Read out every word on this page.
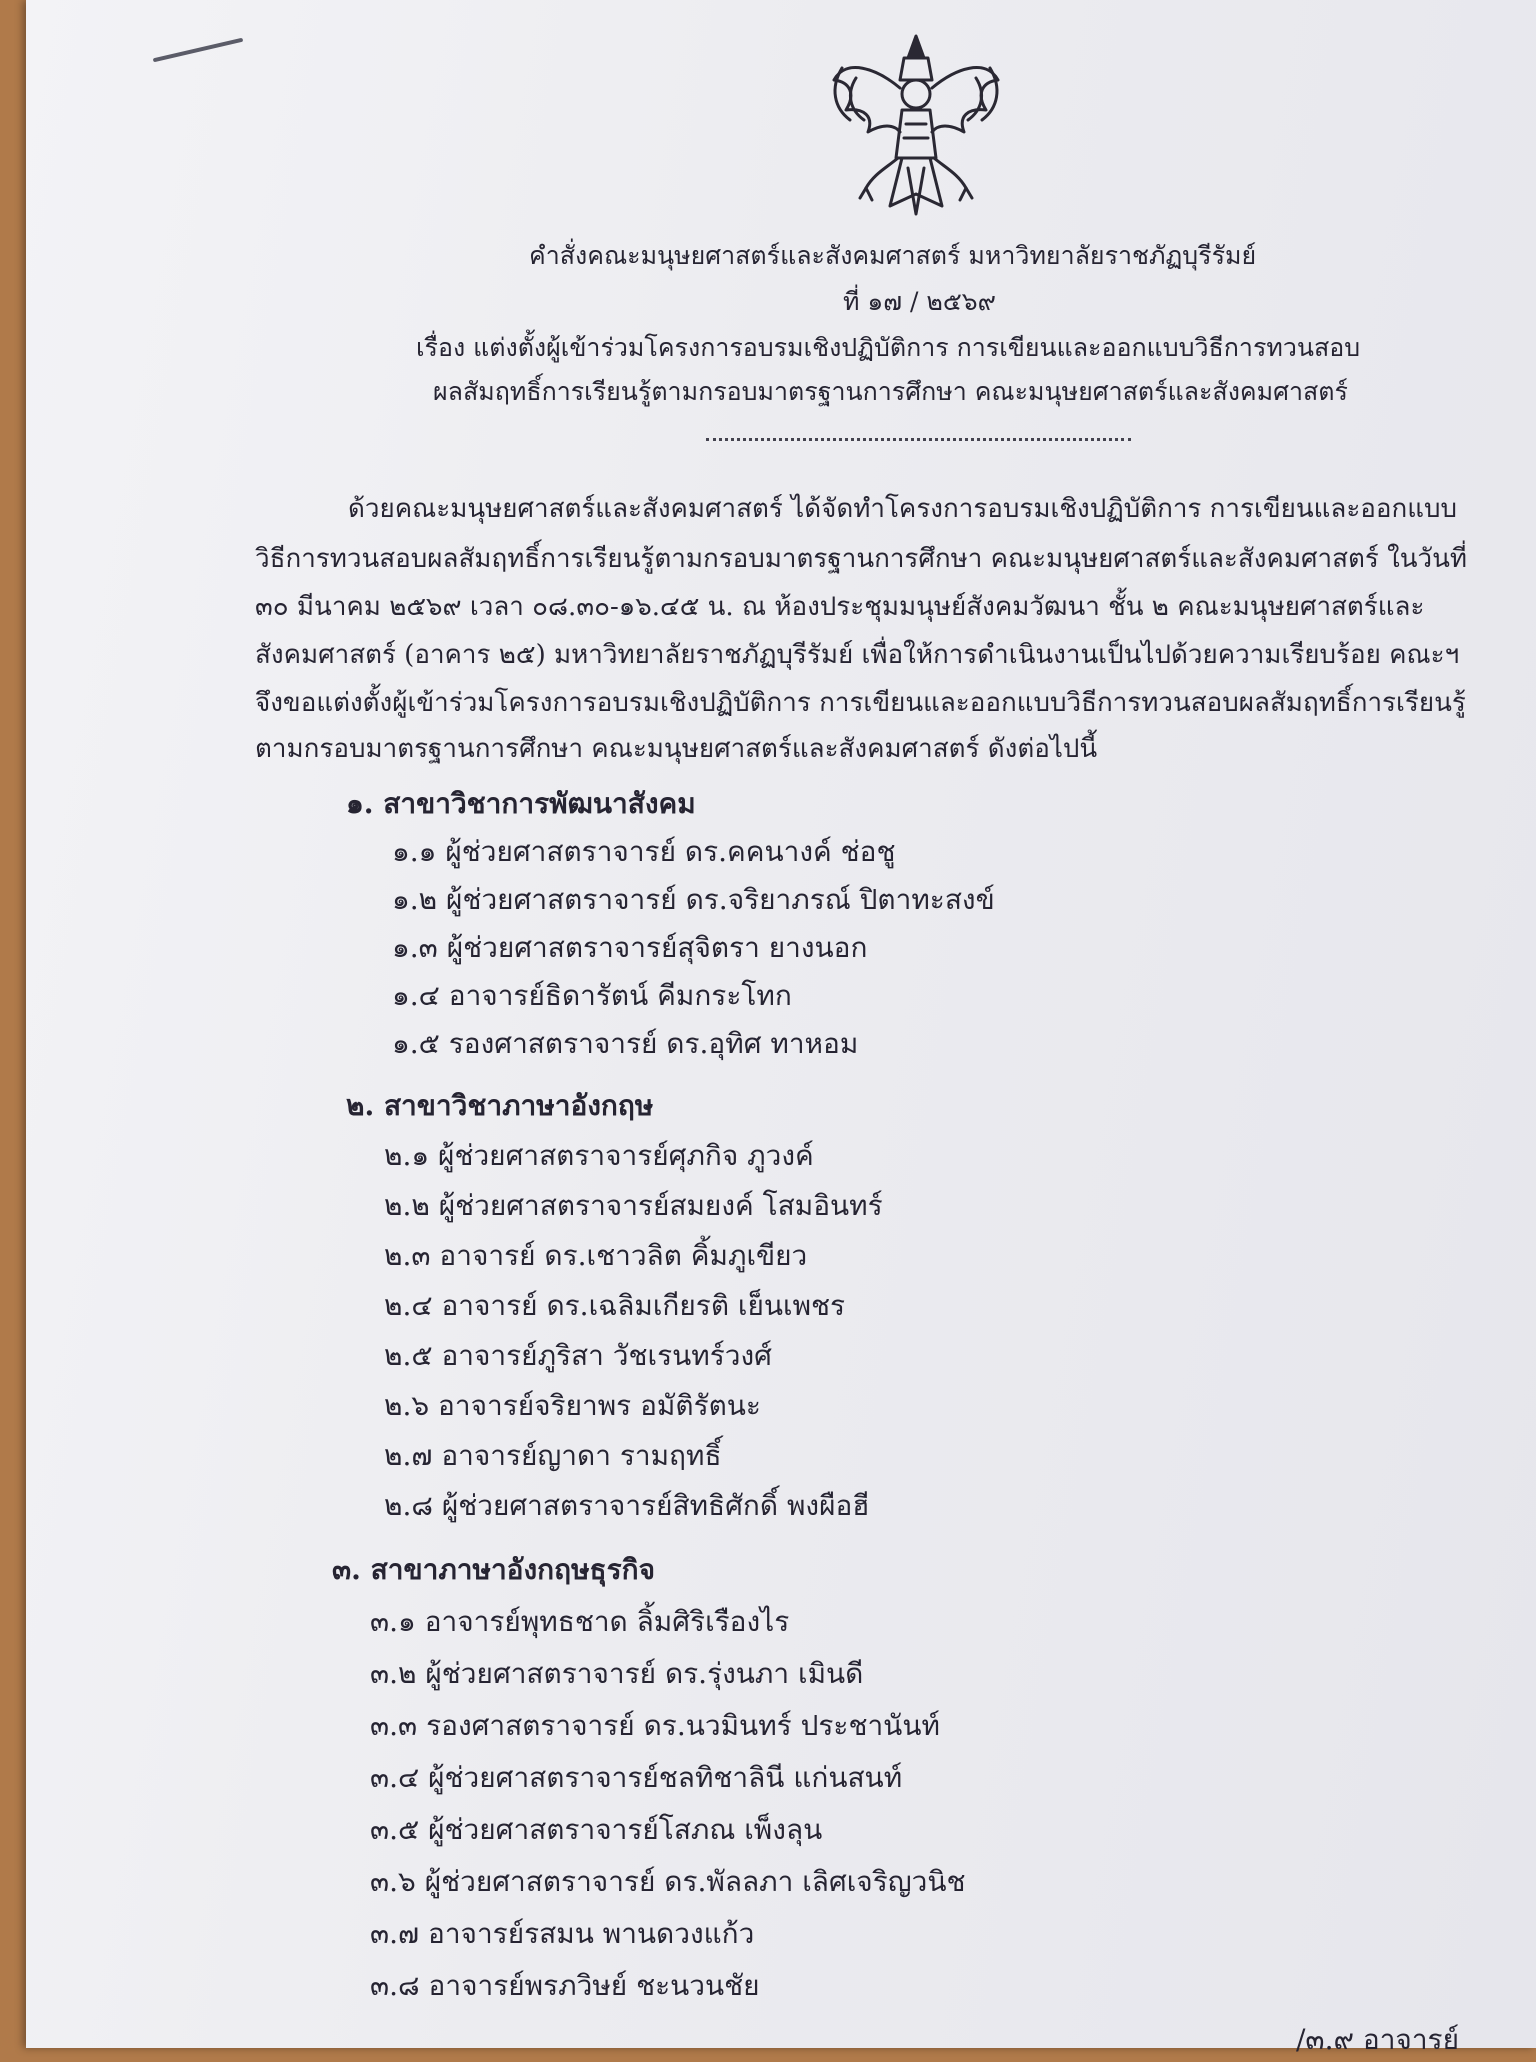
คำสั่งคณะมนุษยศาสตร์และสังคมศาสตร์ มหาวิทยาลัยราชภัฏบุรีรัมย์
ที่ ๑๗ / ๒๕๖๙
เรื่อง แต่งตั้งผู้เข้าร่วมโครงการอบรมเชิงปฏิบัติการ การเขียนและออกแบบวิธีการทวนสอบ
ผลสัมฤทธิ์การเรียนรู้ตามกรอบมาตรฐานการศึกษา คณะมนุษยศาสตร์และสังคมศาสตร์
ด้วยคณะมนุษยศาสตร์และสังคมศาสตร์ ได้จัดทำโครงการอบรมเชิงปฏิบัติการ การเขียนและออกแบบ
วิธีการทวนสอบผลสัมฤทธิ์การเรียนรู้ตามกรอบมาตรฐานการศึกษา คณะมนุษยศาสตร์และสังคมศาสตร์ ในวันที่
๓๐ มีนาคม ๒๕๖๙ เวลา ๐๘.๓๐-๑๖.๔๕ น. ณ ห้องประชุมมนุษย์สังคมวัฒนา ชั้น ๒ คณะมนุษยศาสตร์และ
สังคมศาสตร์ (อาคาร ๒๕) มหาวิทยาลัยราชภัฏบุรีรัมย์ เพื่อให้การดำเนินงานเป็นไปด้วยความเรียบร้อย คณะฯ
จึงขอแต่งตั้งผู้เข้าร่วมโครงการอบรมเชิงปฏิบัติการ การเขียนและออกแบบวิธีการทวนสอบผลสัมฤทธิ์การเรียนรู้
ตามกรอบมาตรฐานการศึกษา คณะมนุษยศาสตร์และสังคมศาสตร์ ดังต่อไปนี้
๑. สาขาวิชาการพัฒนาสังคม
๑.๑ ผู้ช่วยศาสตราจารย์ ดร.คคนางค์ ช่อชู
๑.๒ ผู้ช่วยศาสตราจารย์ ดร.จริยาภรณ์ ปิตาทะสงข์
๑.๓ ผู้ช่วยศาสตราจารย์สุจิตรา ยางนอก
๑.๔ อาจารย์ธิดารัตน์ คีมกระโทก
๑.๕ รองศาสตราจารย์ ดร.อุทิศ ทาหอม
๒. สาขาวิชาภาษาอังกฤษ
๒.๑ ผู้ช่วยศาสตราจารย์ศุภกิจ ภูวงค์
๒.๒ ผู้ช่วยศาสตราจารย์สมยงค์ โสมอินทร์
๒.๓ อาจารย์ ดร.เชาวลิต คิ้มภูเขียว
๒.๔ อาจารย์ ดร.เฉลิมเกียรติ เย็นเพชร
๒.๕ อาจารย์ภูริสา วัชเรนทร์วงศ์
๒.๖ อาจารย์จริยาพร อมัติรัตนะ
๒.๗ อาจารย์ญาดา รามฤทธิ์
๒.๘ ผู้ช่วยศาสตราจารย์สิทธิศักดิ์ พงผือฮี
๓. สาขาภาษาอังกฤษธุรกิจ
๓.๑ อาจารย์พุทธชาด ลิ้มศิริเรืองไร
๓.๒ ผู้ช่วยศาสตราจารย์ ดร.รุ่งนภา เมินดี
๓.๓ รองศาสตราจารย์ ดร.นวมินทร์ ประชานันท์
๓.๔ ผู้ช่วยศาสตราจารย์ชลทิชาลินี แก่นสนท์
๓.๕ ผู้ช่วยศาสตราจารย์โสภณ เพ็งลุน
๓.๖ ผู้ช่วยศาสตราจารย์ ดร.พัลลภา เลิศเจริญวนิช
๓.๗ อาจารย์รสมน พานดวงแก้ว
๓.๘ อาจารย์พรภวิษย์ ชะนวนชัย
/๓.๙ อาจารย์
